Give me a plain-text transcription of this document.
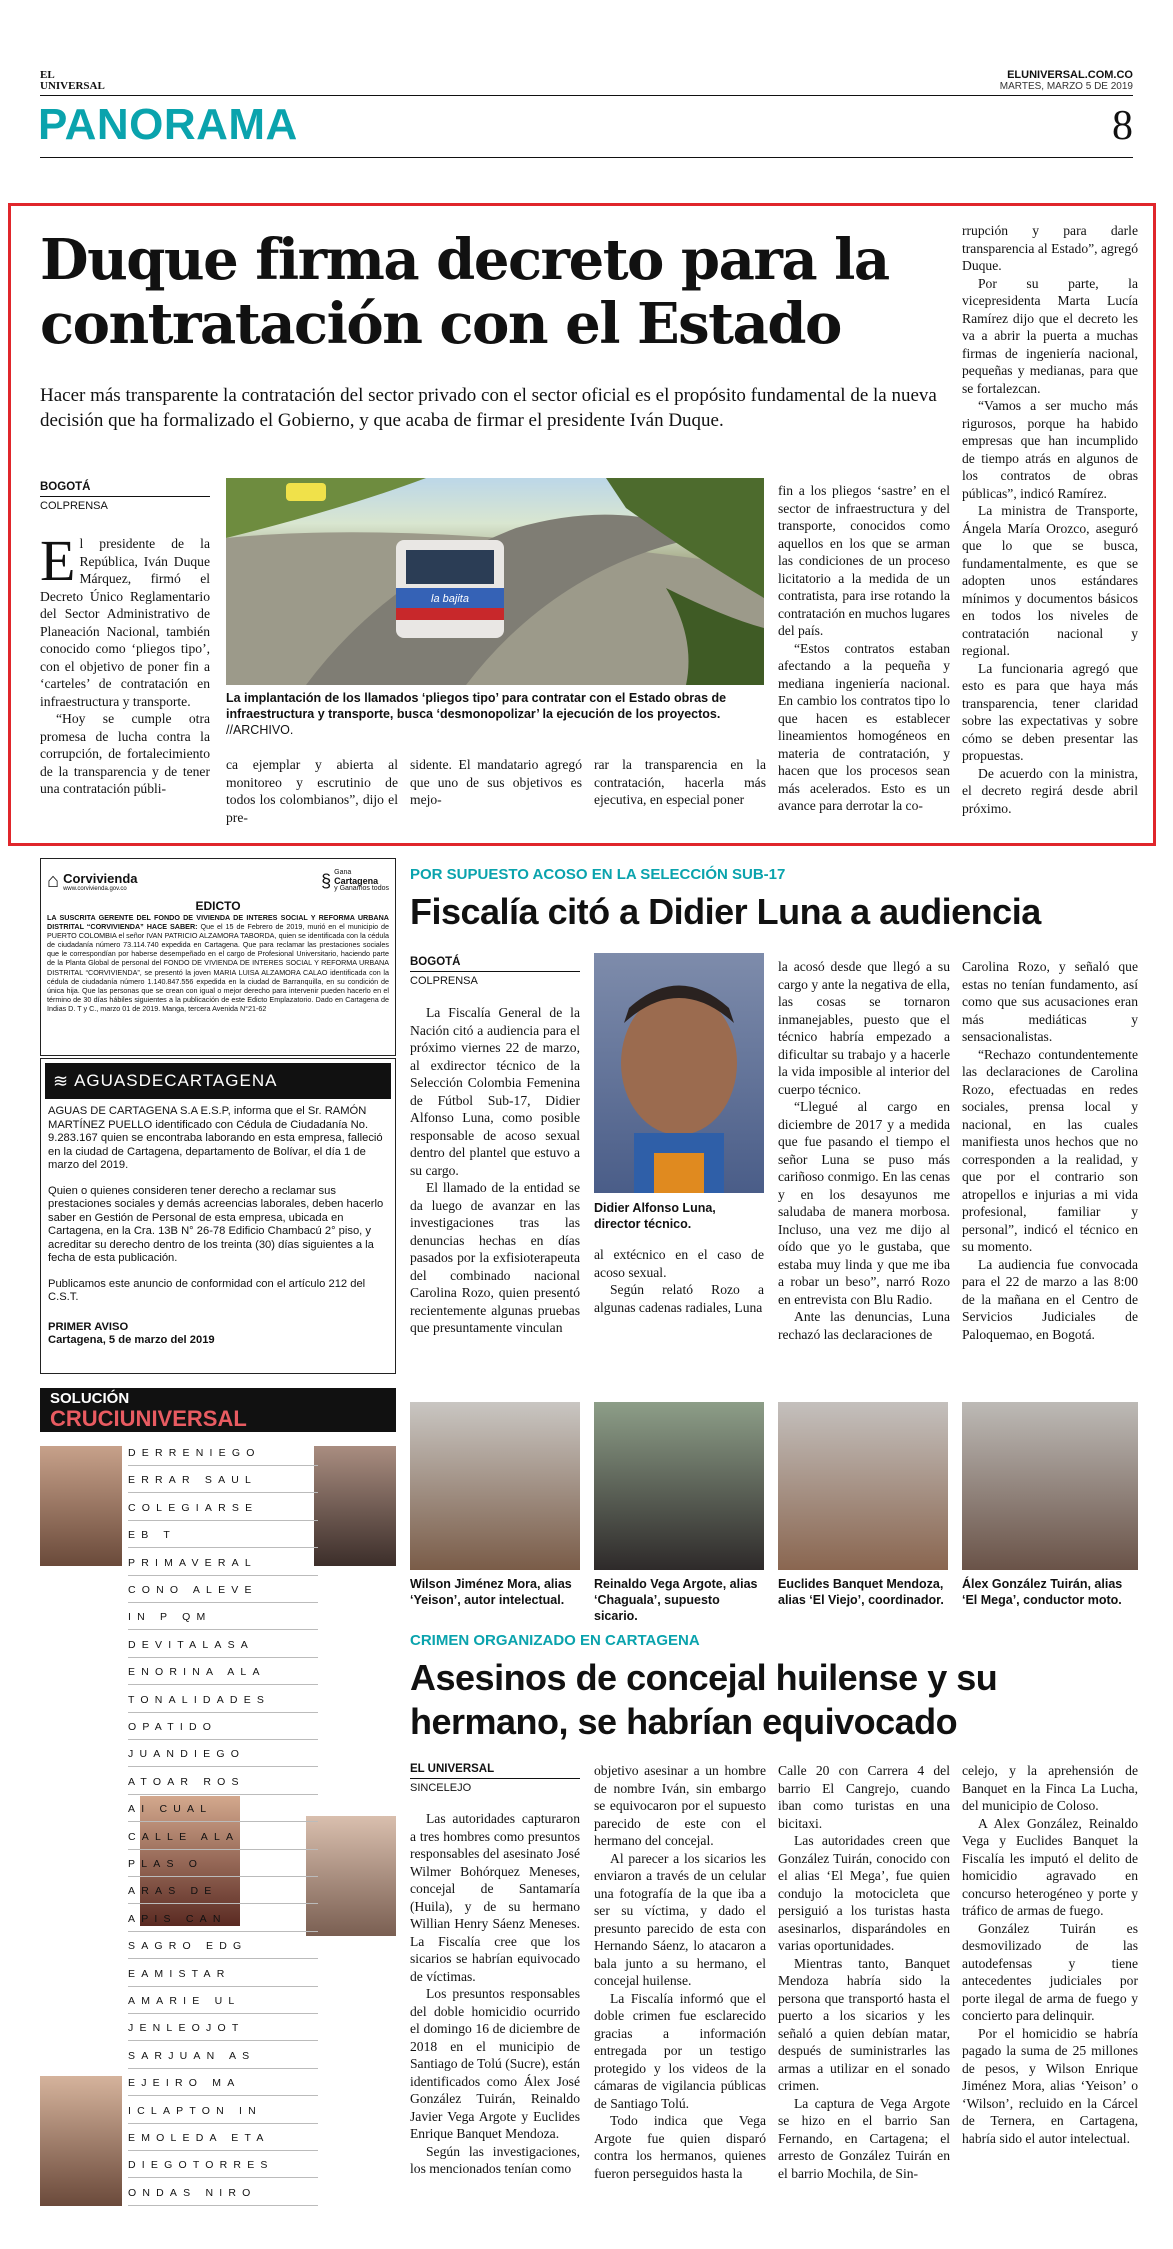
EL
UNIVERSAL
ELUNIVERSAL.COM.CO
MARTES, MARZO 5 DE 2019
PANORAMA	8
Duque firma decreto para la contratación con el Estado
Hacer más transparente la contratación del sector privado con el sector oficial es el propósito fundamental de la nueva decisión que ha formalizado el Gobierno, y que acaba de firmar el presidente Iván Duque.
BOGOTÁ
COLPRENSA
El presidente de la República, Iván Duque Márquez, firmó el Decreto Único Reglamentario del Sector Administrativo de Planeación Nacional, también conocido como ‘pliegos tipo’, con el objetivo de poner fin a ‘carteles’ de contratación en infraestructura y transporte.

“Hoy se cumple otra promesa de lucha contra la corrupción, de fortalecimiento de la transparencia y de tener una contratación públi-

la bajita
La implantación de los llamados ‘pliegos tipo’ para contratar con el Estado obras de infraestructura y transporte, busca ‘desmonopolizar’ la ejecución de los proyectos. //ARCHIVO.
ca ejemplar y abierta al monitoreo y escrutinio de todos los colombianos”, dijo el pre-
sidente. El mandatario agregó que uno de sus objetivos es mejo-
rar la transparencia en la contratación, hacerla más ejecutiva, en especial poner
fin a los pliegos ‘sastre’ en el sector de infraestructura y del transporte, conocidos como aquellos en los que se arman las condiciones de un proceso licitatorio a la medida de un contratista, para irse rotando la contratación en muchos lugares del país.

“Estos contratos estaban afectando a la pequeña y mediana ingeniería nacional. En cambio los contratos tipo lo que hacen es establecer lineamientos homogéneos en materia de contratación, y hacen que los procesos sean más acelerados. Esto es un avance para derrotar la co-

rrupción y para darle transparencia al Estado”, agregó Duque.

Por su parte, la vicepresidenta Marta Lucía Ramírez dijo que el decreto les va a abrir la puerta a muchas firmas de ingeniería nacional, pequeñas y medianas, para que se fortalezcan.

“Vamos a ser mucho más rigurosos, porque ha habido empresas que han incumplido de tiempo atrás en algunos de los contratos de obras públicas”, indicó Ramírez.

La ministra de Transporte, Ángela María Orozco, aseguró que lo que se busca, fundamentalmente, es que se adopten unos estándares mínimos y documentos básicos en todos los niveles de contratación nacional y regional.

La funcionaria agregó que esto es para que haya más transparencia, tener claridad sobre las expectativas y sobre cómo se deben presentar las propuestas.

De acuerdo con la ministra, el decreto regirá desde abril próximo.

⌂ Corvivienda
www.corvivienda.gov.co	§ Gana
Cartagena
y Ganamos todos
EDICTO
LA SUSCRITA GERENTE DEL FONDO DE VIVIENDA DE INTERES SOCIAL Y REFORMA URBANA DISTRITAL “CORVIVIENDA” HACE SABER: Que el 15 de Febrero de 2019, murió en el municipio de PUERTO COLOMBIA el señor IVAN PATRICIO ALZAMORA TABORDA, quien se identificada con la cédula de ciudadanía número 73.114.740 expedida en Cartagena. Que para reclamar las prestaciones sociales que le correspondían por haberse desempeñado en el cargo de Profesional Universitario, haciendo parte de la Planta Global de personal del FONDO DE VIVIENDA DE INTERES SOCIAL Y REFORMA URBANA DISTRITAL “CORVIVIENDA”, se presentó la joven MARIA LUISA ALZAMORA CALAO identificada con la cédula de ciudadanía número 1.140.847.556 expedida en la ciudad de Barranquilla, en su condición de única hija. Que las personas que se crean con igual o mejor derecho para intervenir pueden hacerlo en el término de 30 días hábiles siguientes a la publicación de este Edicto Emplazatorio. Dado en Cartagena de Indias D. T y C., marzo 01 de 2019. Manga, tercera Avenida N°21-62
≋ AGUASDECARTAGENA

AGUAS DE CARTAGENA S.A E.S.P, informa que el Sr. RAMÓN MARTÍNEZ PUELLO identificado con Cédula de Ciudadanía No. 9.283.167 quien se encontraba laborando en esta empresa, falleció en la ciudad de Cartagena, departamento de Bolívar, el día 1 de marzo del 2019.

Quien o quienes consideren tener derecho a reclamar sus prestaciones sociales y demás acreencias laborales, deben hacerlo saber en Gestión de Personal de esta empresa, ubicada en Cartagena, en la Cra. 13B N° 26-78 Edificio Chambacú 2° piso, y acreditar su derecho dentro de los treinta (30) días siguientes a la fecha de esta publicación.

Publicamos este anuncio de conformidad con el artículo 212 del C.S.T.

PRIMER AVISO

Cartagena, 5 de marzo del 2019

POR SUPUESTO ACOSO EN LA SELECCIÓN SUB-17
Fiscalía citó a Didier Luna a audiencia
BOGOTÁ
COLPRENSA

La Fiscalía General de la Nación citó a audiencia para el próximo viernes 22 de marzo, al exdirector técnico de la Selección Colombia Femenina de Fútbol Sub-17, Didier Alfonso Luna, como posible responsable de acoso sexual dentro del plantel que estuvo a su cargo.

El llamado de la entidad se da luego de avanzar en las investigaciones tras las denuncias hechas en días pasados por la exfisioterapeuta del combinado nacional Carolina Rozo, quien presentó recientemente algunas pruebas que presuntamente vinculan

Didier Alfonso Luna, director técnico.
al extécnico en el caso de acoso sexual.

Según relató Rozo a algunas cadenas radiales, Luna

la acosó desde que llegó a su cargo y ante la negativa de ella, las cosas se tornaron inmanejables, puesto que el técnico habría empezado a dificultar su trabajo y a hacerle la vida imposible al interior del cuerpo técnico.

“Llegué al cargo en diciembre de 2017 y a medida que fue pasando el tiempo el señor Luna se puso más cariñoso conmigo. En las cenas y en los desayunos me saludaba de manera morbosa. Incluso, una vez me dijo al oído que yo le gustaba, que estaba muy linda y que me iba a robar un beso”, narró Rozo en entrevista con Blu Radio.

Ante las denuncias, Luna rechazó las declaraciones de

Carolina Rozo, y señaló que estas no tenían fundamento, así como que sus acusaciones eran más mediáticas y sensacionalistas.

“Rechazo contundentemente las declaraciones de Carolina Rozo, efectuadas en redes sociales, prensa local y nacional, en las cuales manifiesta unos hechos que no corresponden a la realidad, y que por el contrario son atropellos e injurias a mi vida profesional, familiar y personal”, indicó el técnico en su momento.

La audiencia fue convocada para el 22 de marzo a las 8:00 de la mañana en el Centro de Servicios Judiciales de Paloquemao, en Bogotá.

SOLUCIÓN
CRUCIUNIVERSAL
DERRENIEGO
ERRAR SAUL
COLEGIARSE
EB T
PRIMAVERAL
CONO ALEVE
IN P QM
DEVITALASA
ENORINA ALA
TONALIDADES
OPATIDO
JUANDIEGO
ATOAR ROS
AI CUAL
CALLE ALA
PLAS O
ARAS DE
APIS CAN
SAGRO EDG
EAMISTAR
AMARIE UL
JENLEOJOT
SARJUAN AS
EJEIRO MA
ICLAPTON IN
EMOLEDA ETA
DIEGOTORRES
ONDAS NIRO
Wilson Jiménez Mora, alias ‘Yeison’, autor intelectual.
Reinaldo Vega Argote, alias ‘Chaguala’, supuesto sicario.
Euclides Banquet Mendoza, alias ‘El Viejo’, coordinador.
Álex González Tuirán, alias ‘El Mega’, conductor moto.
CRIMEN ORGANIZADO EN CARTAGENA
Asesinos de concejal huilense y su hermano, se habrían equivocado
EL UNIVERSAL
SINCELEJO

Las autoridades capturaron a tres hombres como presuntos responsables del asesinato José Wilmer Bohórquez Meneses, concejal de Santamaría (Huila), y de su hermano Willian Henry Sáenz Meneses. La Fiscalía cree que los sicarios se habrían equivocado de víctimas.

Los presuntos responsables del doble homicidio ocurrido el domingo 16 de diciembre de 2018 en el municipio de Santiago de Tolú (Sucre), están identificados como Álex José González Tuirán, Reinaldo Javier Vega Argote y Euclides Enrique Banquet Mendoza.

Según las investigaciones, los mencionados tenían como

objetivo asesinar a un hombre de nombre Iván, sin embargo se equivocaron por el supuesto parecido de este con el hermano del concejal.

Al parecer a los sicarios les enviaron a través de un celular una fotografía de la que iba a ser su víctima, y dado el presunto parecido de esta con Hernando Sáenz, lo atacaron a bala junto a su hermano, el concejal huilense.

La Fiscalía informó que el doble crimen fue esclarecido gracias a información entregada por un testigo protegido y los videos de la cámaras de vigilancia públicas de Santiago Tolú.

Todo indica que Vega Argote fue quien disparó contra los hermanos, quienes fueron perseguidos hasta la

Calle 20 con Carrera 4 del barrio El Cangrejo, cuando iban como turistas en una bicitaxi.

Las autoridades creen que González Tuirán, conocido con el alias ‘El Mega’, fue quien condujo la motocicleta que persiguió a los turistas hasta asesinarlos, disparándoles en varias oportunidades.

Mientras tanto, Banquet Mendoza habría sido la persona que transportó hasta el puerto a los sicarios y les señaló a quien debían matar, después de suministrarles las armas a utilizar en el sonado crimen.

La captura de Vega Argote se hizo en el barrio San Fernando, en Cartagena; el arresto de González Tuirán en el barrio Mochila, de Sin-

celejo, y la aprehensión de Banquet en la Finca La Lucha, del municipio de Coloso.

A Alex González, Reinaldo Vega y Euclides Banquet la Fiscalía les imputó el delito de homicidio agravado en concurso heterogéneo y porte y tráfico de armas de fuego.

González Tuirán es desmovilizado de las autodefensas y tiene antecedentes judiciales por porte ilegal de arma de fuego y concierto para delinquir.

Por el homicidio se habría pagado la suma de 25 millones de pesos, y Wilson Enrique Jiménez Mora, alias ‘Yeison’ o ‘Wilson’, recluido en la Cárcel de Ternera, en Cartagena, habría sido el autor intelectual.
